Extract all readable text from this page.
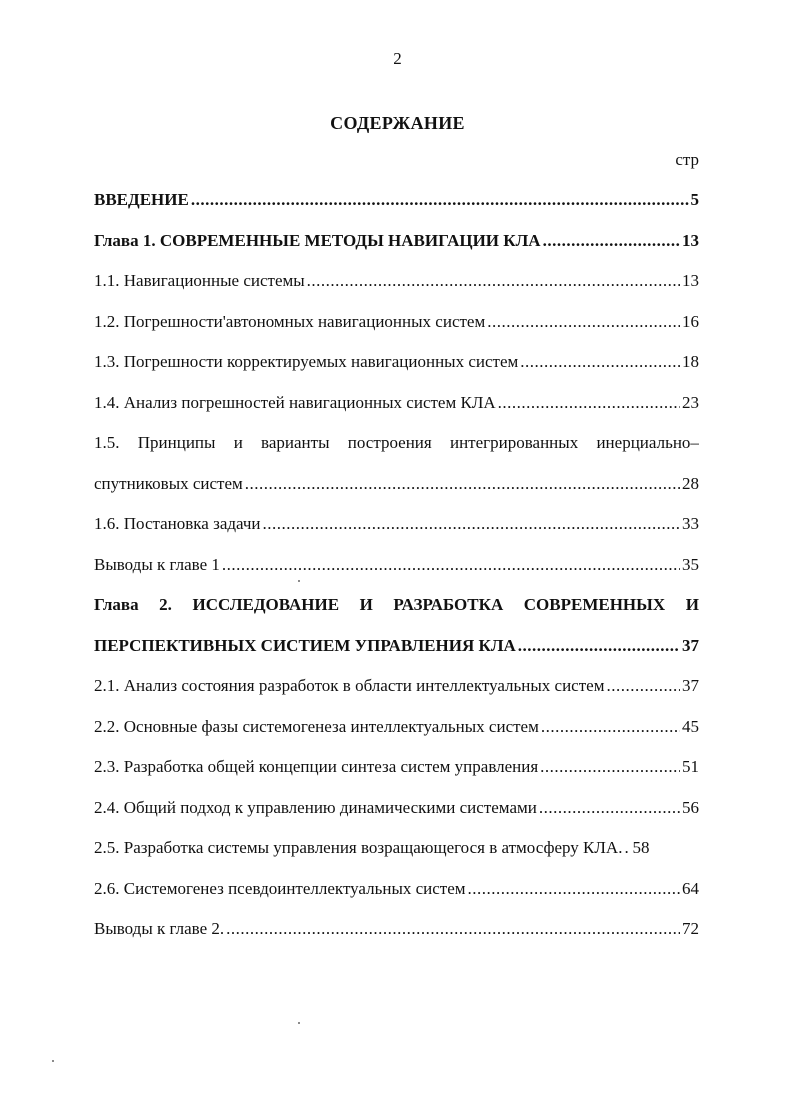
2
СОДЕРЖАНИЕ
стр
ВВЕДЕНИЕ .....	5
Глава 1. СОВРЕМЕННЫЕ МЕТОДЫ НАВИГАЦИИ КЛА .....	13
1.1. Навигационные системы .....	13
1.2. Погрешности'автономных навигационных систем .....	16
1.3. Погрешности корректируемых навигационных систем .....	18
1.4. Анализ погрешностей навигационных систем КЛА .....	23
1.5. Принципы и варианты построения интегрированных инерциально–
спутниковых систем .....	28
1.6. Постановка задачи .....	33
Выводы к главе 1 .....	35
Глава 2. ИССЛЕДОВАНИЕ И РАЗРАБОТКА СОВРЕМЕННЫХ И
ПЕРСПЕКТИВНЫХ СИСТИЕМ УПРАВЛЕНИЯ КЛА .....	37
2.1. Анализ состояния разработок в области интеллектуальных систем .....	37
2.2. Основные фазы системогенеза интеллектуальных систем .....	45
2.3. Разработка общей концепции синтеза систем управления .....	51
2.4. Общий подход к управлению динамическими системами .....	56
2.5. Разработка системы управления возращающегося в атмосферу КЛА. ..... 58
2.6. Системогенез псевдоинтеллектуальных систем .....	64
Выводы к главе 2. .....	72
